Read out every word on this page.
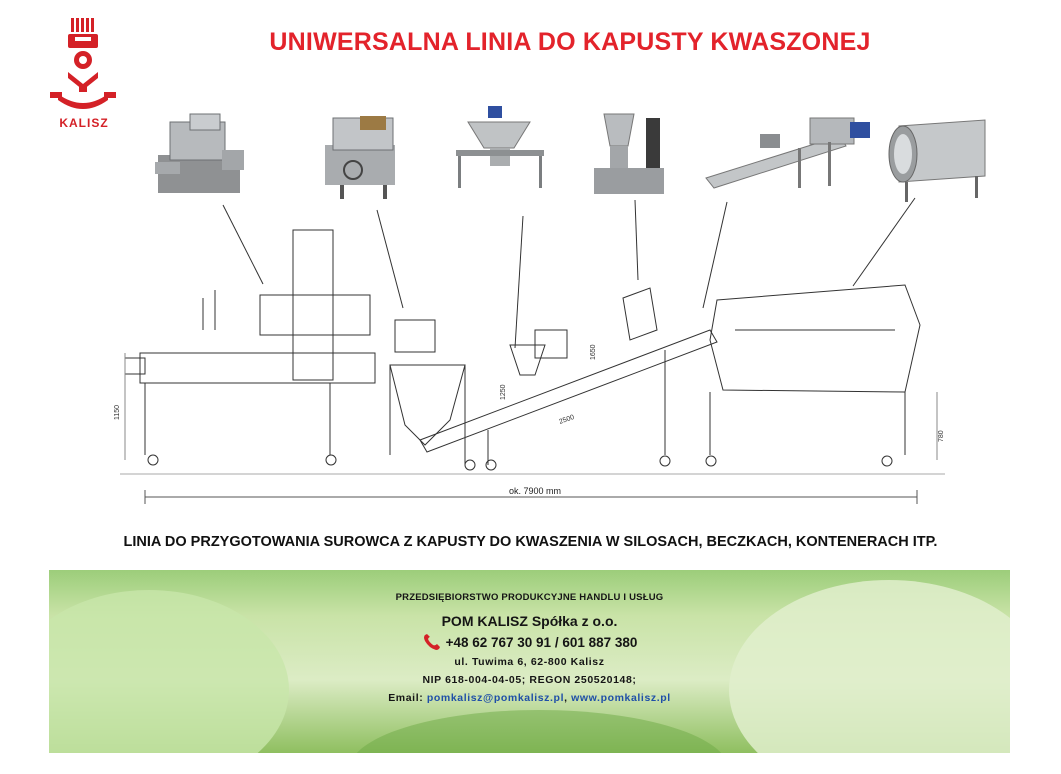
KALISZ
UNIWERSALNA LINIA DO KAPUSTY KWASZONEJ
ok. 7900 mm
1150
1250
2500
1650
780
LINIA DO PRZYGOTOWANIA SUROWCA Z KAPUSTY DO KWASZENIA W SILOSACH, BECZKACH, KONTENERACH ITP.
PRZEDSIĘBIORSTWO PRODUKCYJNE HANDLU I USŁUG
POM KALISZ Spółka z o.o.
+48 62 767 30 91 / 601 887 380
ul. Tuwima 6, 62-800 Kalisz
NIP 618-004-04-05; REGON 250520148;
Email: pomkalisz@pomkalisz.pl, www.pomkalisz.pl
